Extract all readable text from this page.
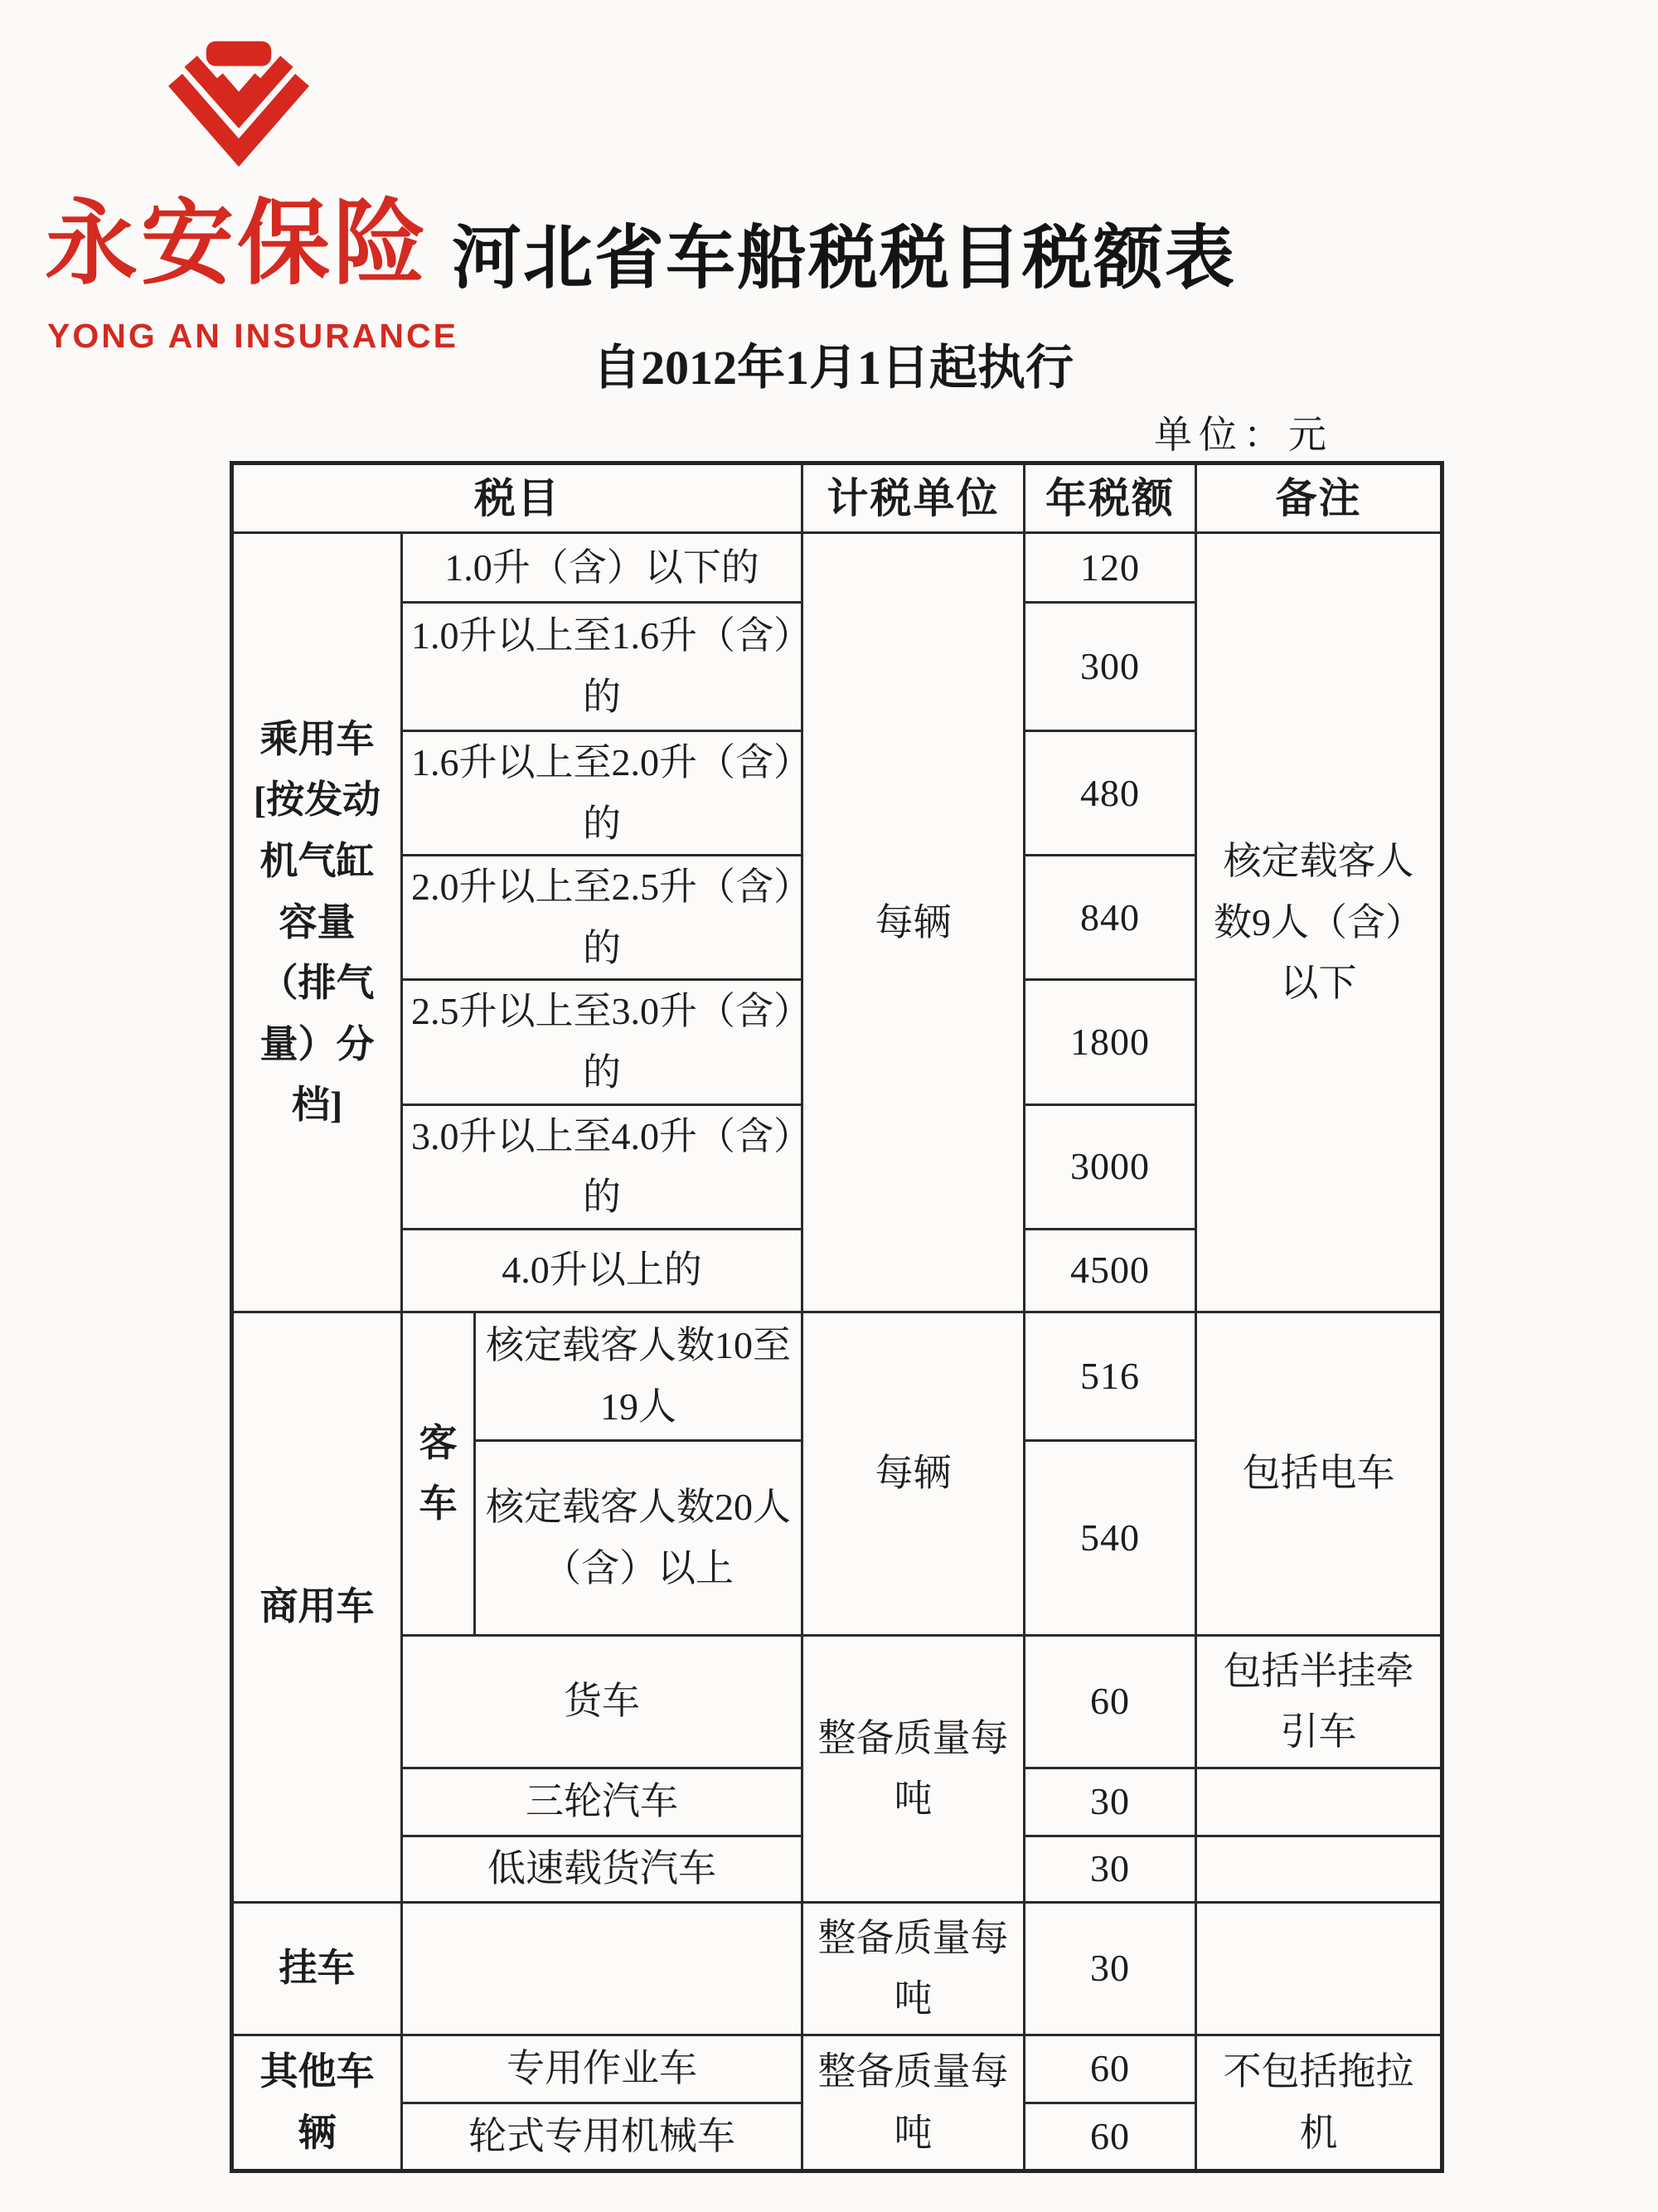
永安保险
YONG AN INSURANCE
河北省车船税税目税额表
自2012年1月1日起执行
单位：元
税目			计税单位	年税额	备注
乘用车[按发动机气缸容量（排气量）分档]	1.0升（含）以下的		每辆	120	核定载客人数9人（含）以下
	1.0升以上至1.6升（含）的			300	
	1.6升以上至2.0升（含）的			480	
	2.0升以上至2.5升（含）的			840	
	2.5升以上至3.0升（含）的			1800	
	3.0升以上至4.0升（含）的			3000	
	4.0升以上的			4500	
商用车	客车	核定载客人数10至19人	每辆	516	包括电车
		核定载客人数20人（含）以上		540	
	货车		整备质量每吨	60	包括半挂牵引车
	三轮汽车			30	
	低速载货汽车			30	
挂车			整备质量每吨	30	
其他车辆	专用作业车		整备质量每吨	60	不包括拖拉机
	轮式专用机械车			60	
